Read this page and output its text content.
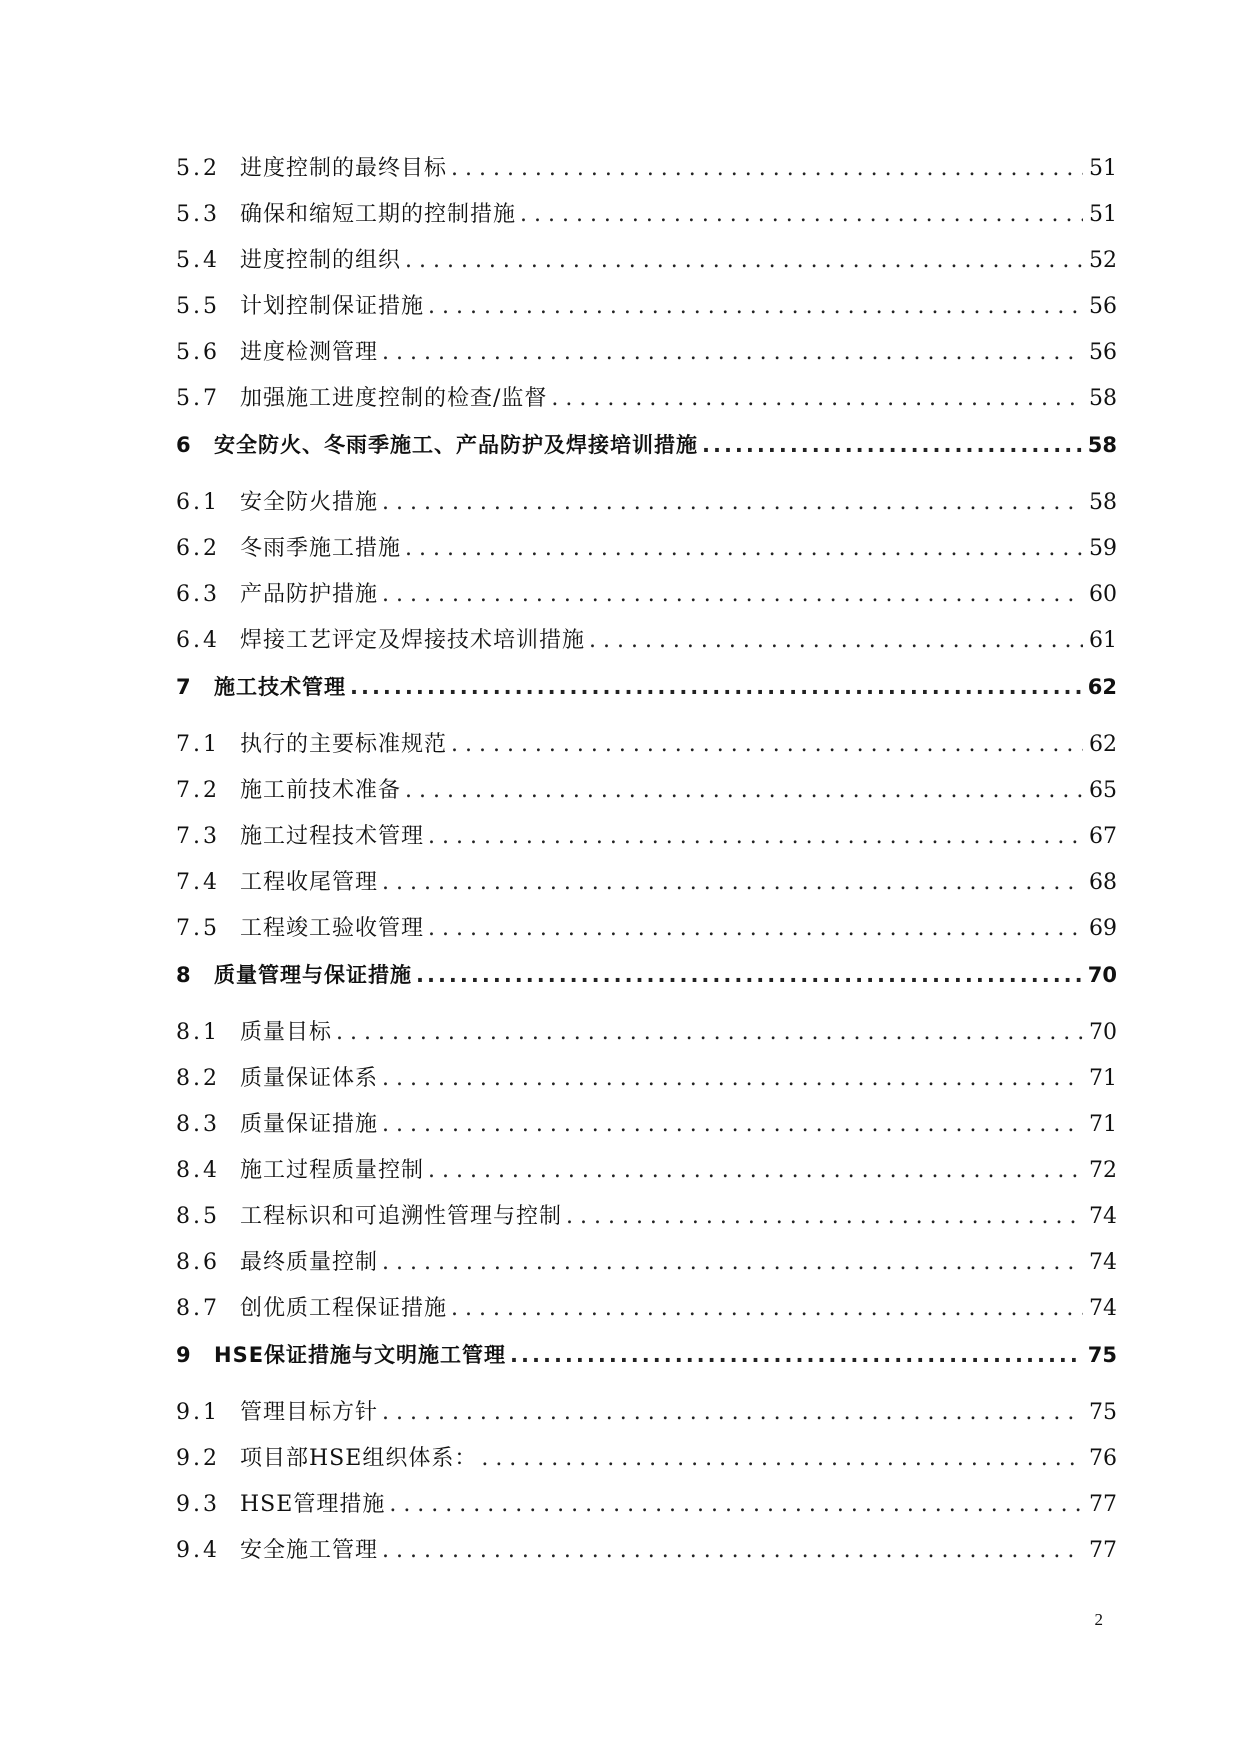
5.2 进度控制的最终目标 . . .	51
5.3 确保和缩短工期的控制措施 . . .	51
5.4 进度控制的组织 . . .	52
5.5 计划控制保证措施 . . .	56
5.6 进度检测管理 . . .	56
5.7 加强施工进度控制的检查/监督 . . .	58
6	安全防火、冬雨季施工、产品防护及焊接培训措施 .....	58
6.1 安全防火措施 . . .	58
6.2 冬雨季施工措施 . . .	59
6.3 产品防护措施 . . .	60
6.4 焊接工艺评定及焊接技术培训措施 . . .	61
7	施工技术管理 .....	62
7.1 执行的主要标准规范 . . .	62
7.2 施工前技术准备 . . .	65
7.3 施工过程技术管理 . . .	67
7.4 工程收尾管理 . . .	68
7.5 工程竣工验收管理 . . .	69
8	质量管理与保证措施 .....	70
8.1 质量目标 . . .	70
8.2 质量保证体系 . . .	71
8.3 质量保证措施 . . .	71
8.4 施工过程质量控制 . . .	72
8.5 工程标识和可追溯性管理与控制 . . .	74
8.6 最终质量控制 . . .	74
8.7 创优质工程保证措施 . . .	74
9	HSE保证措施与文明施工管理 .....	75
9.1 管理目标方针 . . .	75
9.2 项目部HSE组织体系： . . .	76
9.3 HSE管理措施 . . .	77
9.4 安全施工管理 . . .	77
2
